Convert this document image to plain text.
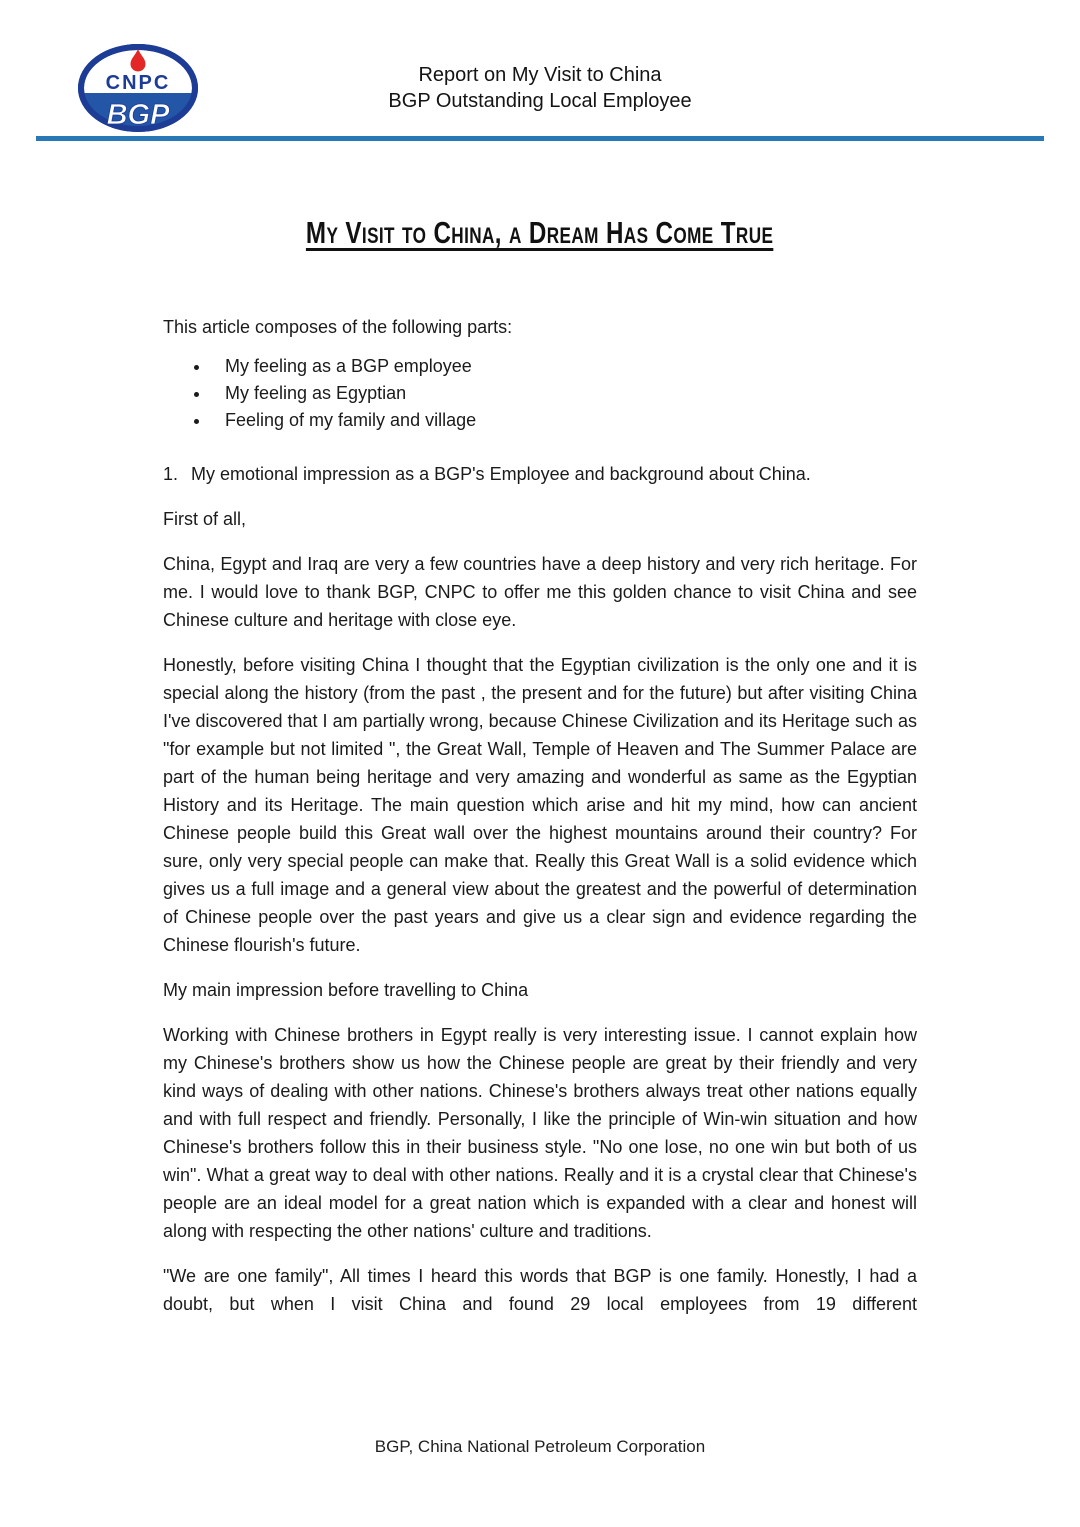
CNPC
BGP
Report on My Visit to China
BGP Outstanding Local Employee
My Visit to China, a Dream Has Come True

This article composes of the following parts:

• My feeling as a BGP employee
• My feeling as Egyptian
• Feeling of my family and village

1. My emotional impression as a BGP's Employee and background about China.

First of all,

China, Egypt and Iraq are very a few countries have a deep history and very rich heritage. For me. I would love to thank BGP, CNPC to offer me this golden chance to visit China and see Chinese culture and heritage with close eye.

Honestly, before visiting China I thought that the Egyptian civilization is the only one and it is special along the history (from the past , the present and for the future) but after visiting China I've discovered that I am partially wrong, because Chinese Civilization and its Heritage such as "for example but not limited ", the Great Wall, Temple of Heaven and The Summer Palace are part of the human being heritage and very amazing and wonderful as same as the Egyptian History and its Heritage. The main question which arise and hit my mind, how can ancient Chinese people build this Great wall over the highest mountains around their country? For sure, only very special people can make that. Really this Great Wall is a solid evidence which gives us a full image and a general view about the greatest and the powerful of determination of Chinese people over the past years and give us a clear sign and evidence regarding the Chinese flourish's future.

My main impression before travelling to China

Working with Chinese brothers in Egypt really is very interesting issue. I cannot explain how my Chinese's brothers show us how the Chinese people are great by their friendly and very kind ways of dealing with other nations. Chinese's brothers always treat other nations equally and with full respect and friendly. Personally, I like the principle of Win-win situation and how Chinese's brothers follow this in their business style. "No one lose, no one win but both of us win". What a great way to deal with other nations. Really and it is a crystal clear that Chinese's people are an ideal model for a great nation which is expanded with a clear and honest will along with respecting the other nations' culture and traditions.

"We are one family", All times I heard this words that BGP is one family. Honestly, I had a doubt, but when I visit China and found 29 local employees from 19 different

BGP, China National Petroleum Corporation
